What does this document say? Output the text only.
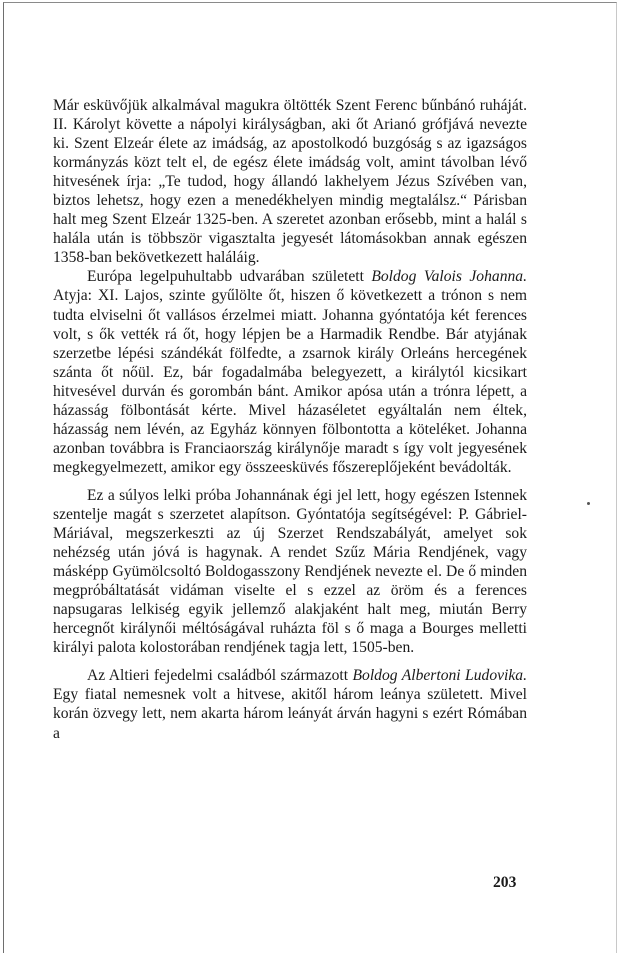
Már esküvőjük alkalmával magukra öltötték Szent Ferenc bűnbánó ruháját. II. Károlyt követte a nápolyi királyságban, aki őt Arianó grófjává nevezte ki. Szent Elzeár élete az imádság, az apostolkodó buzgóság s az igazságos kormányzás közt telt el, de egész élete imádság volt, amint távolban lévő hitvesének írja: „Te tudod, hogy állandó lakhelyem Jézus Szívében van, biztos lehetsz, hogy ezen a menedékhelyen mindig megtalálsz.“ Párisban halt meg Szent Elzeár 1325-ben. A szeretet azonban erősebb, mint a halál s halála után is többször vigasztalta jegyesét látomásokban annak egészen 1358-ban bekövetkezett haláláig.

Európa legelpuhultabb udvarában született Boldog Valois Johanna. Atyja: XI. Lajos, szinte gyűlölte őt, hiszen ő következett a trónon s nem tudta elviselni őt vallásos érzelmei miatt. Johanna gyóntatója két ferences volt, s ők vették rá őt, hogy lépjen be a Harmadik Rendbe. Bár atyjának szerzetbe lépési szándékát fölfedte, a zsarnok király Orleáns hercegének szánta őt nőül. Ez, bár fogadalmába belegyezett, a királytól kicsikart hitvesével durván és gorombán bánt. Amikor apósa után a trónra lépett, a házasság fölbontását kérte. Mivel házaséletet egyáltalán nem éltek, házasság nem lévén, az Egyház könnyen fölbontotta a köteléket. Johanna azonban továbbra is Franciaország királynője maradt s így volt jegyesének megkegyelmezett, amikor egy összeesküvés főszereplőjeként bevádolták.

Ez a súlyos lelki próba Johannának égi jel lett, hogy egészen Istennek szentelje magát s szerzetet alapítson. Gyóntatója segítségével: P. Gábriel-Máriával, megszerkeszti az új Szerzet Rendszabályát, amelyet sok nehézség után jóvá is hagynak. A rendet Szűz Mária Rendjének, vagy másképp Gyümölcsoltó Boldogasszony Rendjének nevezte el. De ő minden megpróbáltatását vidáman viselte el s ezzel az öröm és a ferences napsugaras lelkiség egyik jellemző alakjaként halt meg, miután Berry hercegnőt királynői méltóságával ruházta föl s ő maga a Bourges melletti királyi palota kolostorában rendjének tagja lett, 1505-ben.

Az Altieri fejedelmi családból származott Boldog Albertoni Ludovika. Egy fiatal nemesnek volt a hitvese, akitől három leánya született. Mivel korán özvegy lett, nem akarta három leányát árván hagyni s ezért Rómában a

203
